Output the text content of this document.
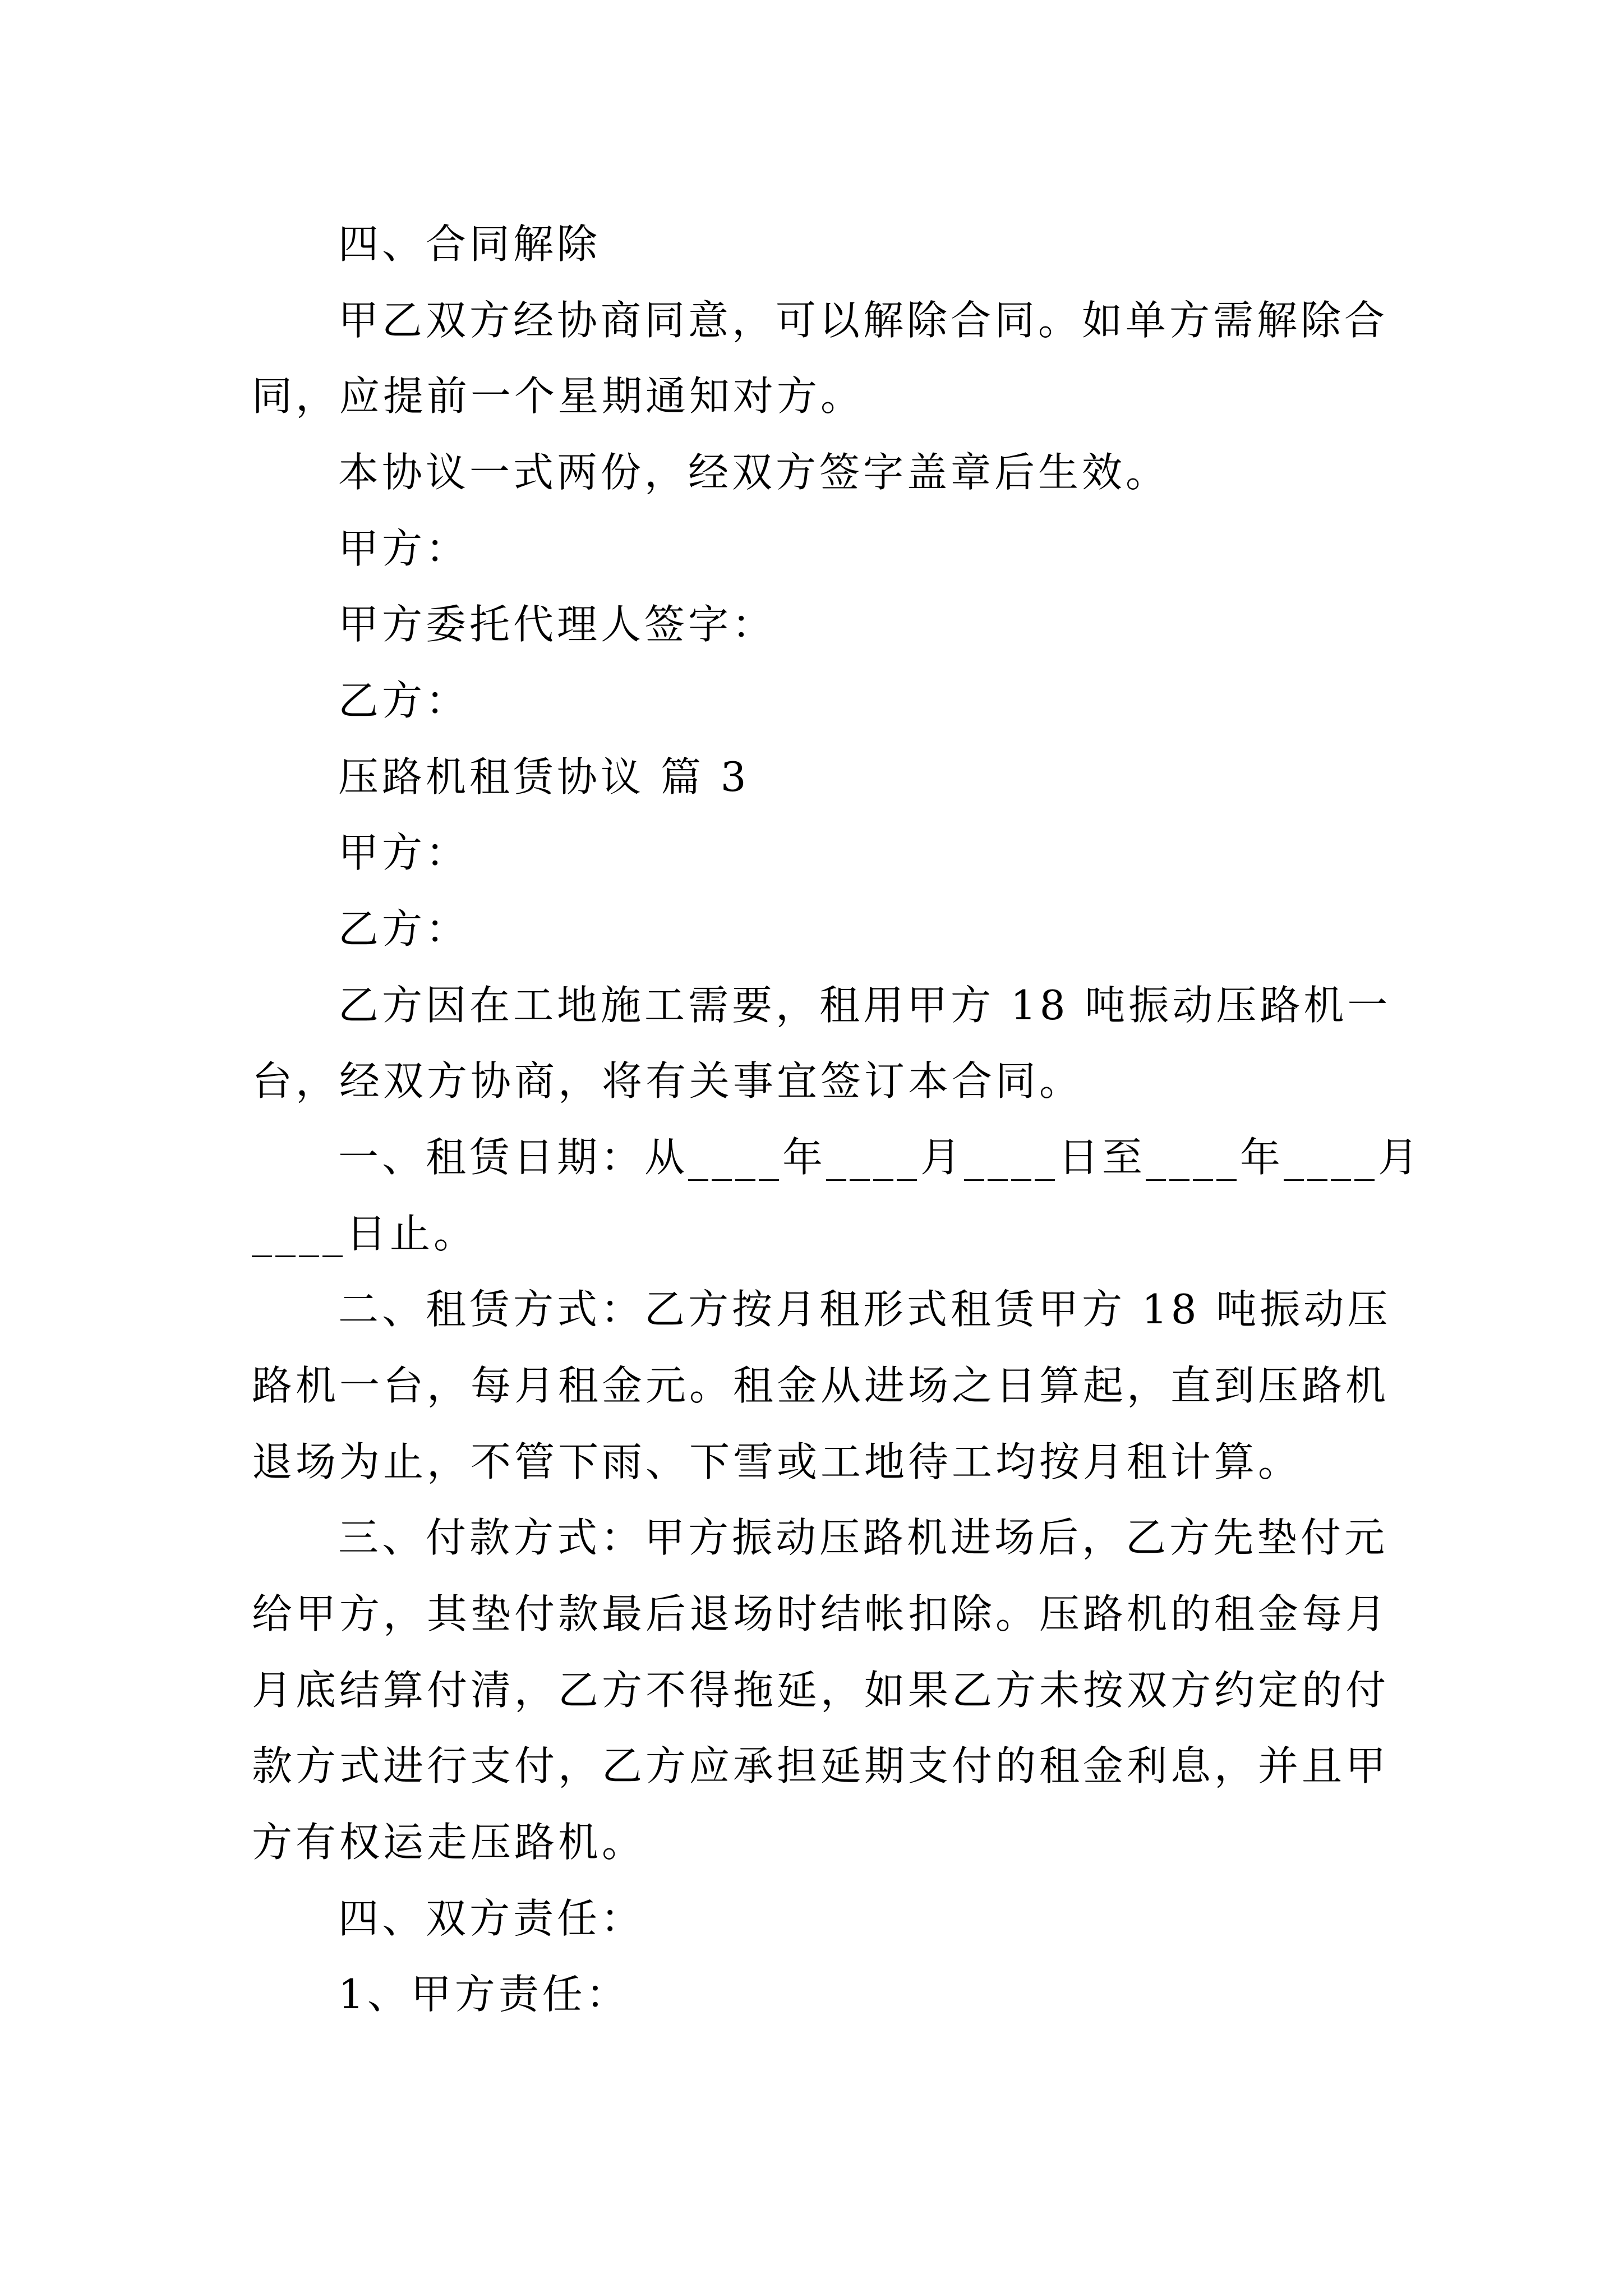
四、合同解除
甲乙双方经协商同意，可以解除合同。如单方需解除合
同，应提前一个星期通知对方。
本协议一式两份，经双方签字盖章后生效。
甲方：
甲方委托代理人签字：
乙方：
压路机租赁协议 篇 3
甲方：
乙方：
乙方因在工地施工需要，租用甲方 18 吨振动压路机一
台，经双方协商，将有关事宜签订本合同。
一、租赁日期：从____年____月____日至____年____月
____日止。
二、租赁方式：乙方按月租形式租赁甲方 18 吨振动压
路机一台，每月租金元。租金从进场之日算起，直到压路机
退场为止，不管下雨、下雪或工地待工均按月租计算。
三、付款方式：甲方振动压路机进场后，乙方先垫付元
给甲方，其垫付款最后退场时结帐扣除。压路机的租金每月
月底结算付清，乙方不得拖延，如果乙方未按双方约定的付
款方式进行支付，乙方应承担延期支付的租金利息，并且甲
方有权运走压路机。
四、双方责任：
1、甲方责任：
